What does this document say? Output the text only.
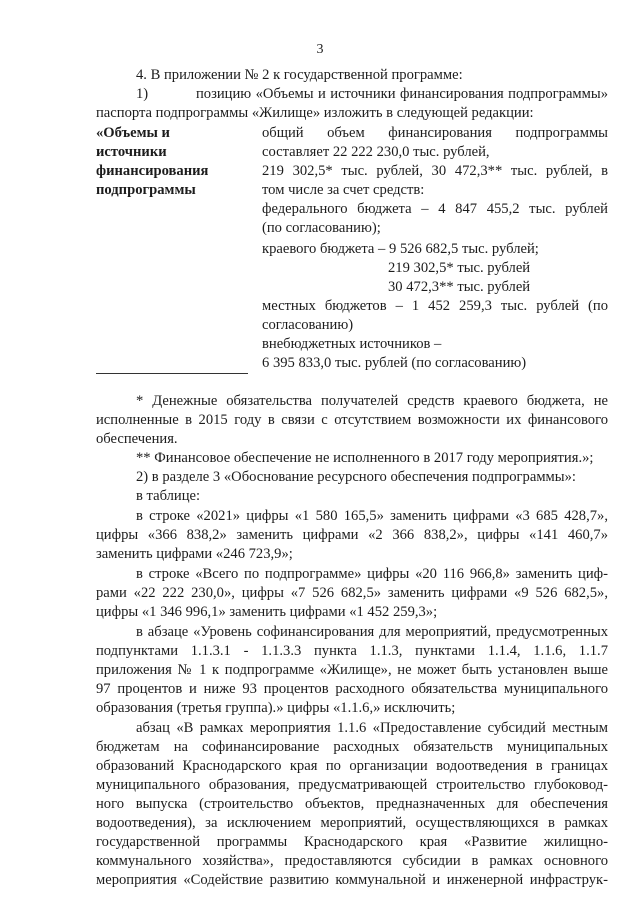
3
4. В приложении № 2 к государственной программе:
1)	позицию «Объемы и источники финансирования подпрограммы»
паспорта подпрограммы «Жилище» изложить в следующей редакции:
«Объемы и
источники
финансирования
подпрограммы
общий объем финансирования подпрограммы
составляет 22 222 230,0 тыс. рублей,
219 302,5* тыс. рублей, 30 472,3** тыс. рублей, в
том числе за счет средств:
федерального бюджета – 4 847 455,2 тыс. рублей
(по согласованию);
краевого бюджета – 9 526 682,5 тыс. рублей;
219 302,5* тыс. рублей
30 472,3** тыс. рублей
местных бюджетов – 1 452 259,3 тыс. рублей (по
согласованию)
внебюджетных источников –
6 395 833,0 тыс. рублей (по согласованию)
* Денежные обязательства получателей средств краевого бюджета, не
исполненные в 2015 году в связи с отсутствием возможности их финансового
обеспечения.
** Финансовое обеспечение не исполненного в 2017 году мероприятия.»;
2) в разделе 3 «Обоснование ресурсного обеспечения подпрограммы»:
в таблице:
в строке «2021» цифры «1 580 165,5» заменить цифрами «3 685 428,7»,
цифры «366 838,2» заменить цифрами «2 366 838,2», цифры «141 460,7»
заменить цифрами «246 723,9»;
в строке «Всего по подпрограмме» цифры «20 116 966,8» заменить циф-
рами «22 222 230,0», цифры «7 526 682,5» заменить цифрами «9 526 682,5»,
цифры «1 346 996,1» заменить цифрами «1 452 259,3»;
в абзаце «Уровень софинансирования для мероприятий, предусмотренных
подпунктами 1.1.3.1 - 1.1.3.3 пункта 1.1.3, пунктами 1.1.4, 1.1.6, 1.1.7
приложения № 1 к подпрограмме «Жилище», не может быть установлен выше
97 процентов и ниже 93 процентов расходного обязательства муниципального
образования (третья группа).» цифры «1.1.6,» исключить;
абзац «В рамках мероприятия 1.1.6 «Предоставление субсидий местным
бюджетам на софинансирование расходных обязательств муниципальных
образований Краснодарского края по организации водоотведения в границах
муниципального образования, предусматривающей строительство глубоковод-
ного выпуска (строительство объектов, предназначенных для обеспечения
водоотведения), за исключением мероприятий, осуществляющихся в рамках
государственной программы Краснодарского края «Развитие жилищно-
коммунального хозяйства», предоставляются субсидии в рамках основного
мероприятия «Содействие развитию коммунальной и инженерной инфраструк-
